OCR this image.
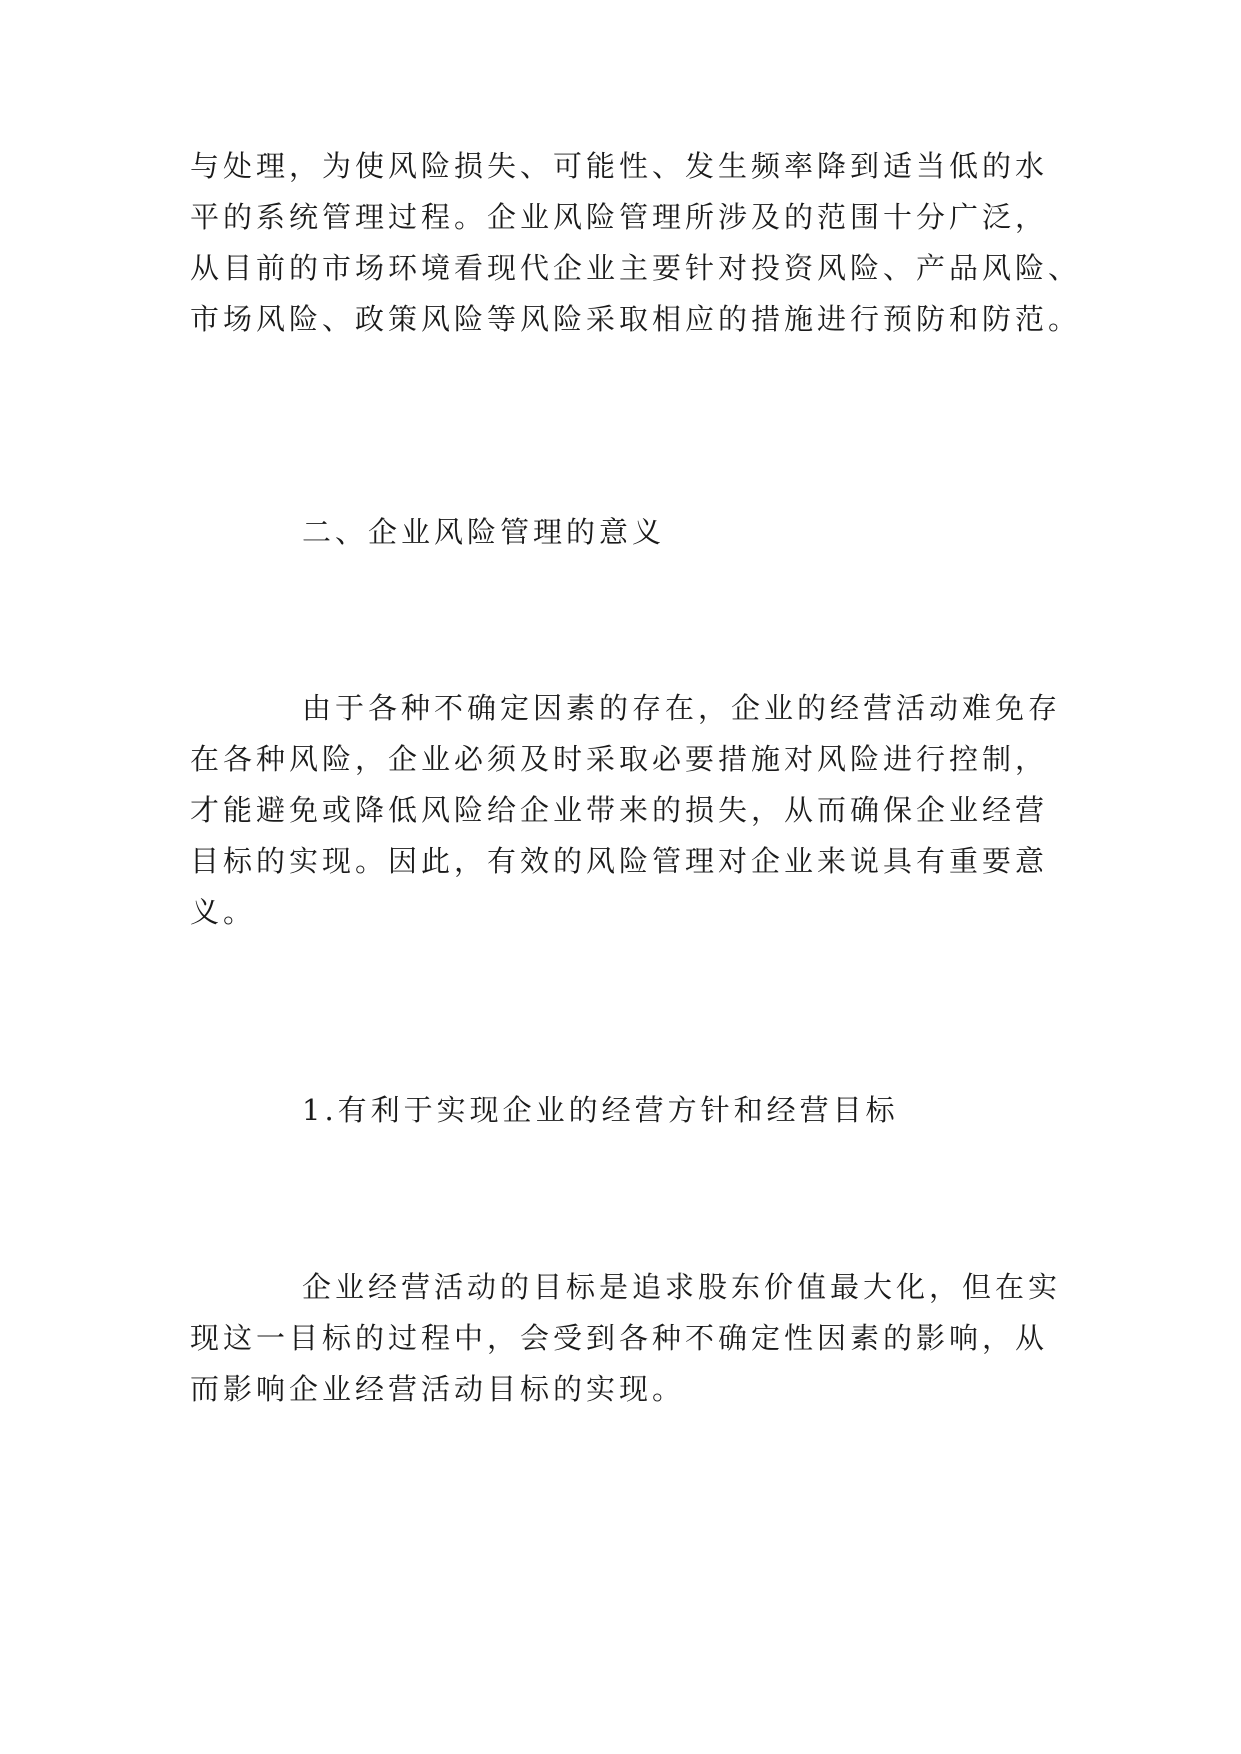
与处理，为使风险损失、可能性、发生频率降到适当低的水
平的系统管理过程。企业风险管理所涉及的范围十分广泛，
从目前的市场环境看现代企业主要针对投资风险、产品风险、
市场风险、政策风险等风险采取相应的措施进行预防和防范。
二、企业风险管理的意义
由于各种不确定因素的存在，企业的经营活动难免存
在各种风险，企业必须及时采取必要措施对风险进行控制，
才能避免或降低风险给企业带来的损失，从而确保企业经营
目标的实现。因此，有效的风险管理对企业来说具有重要意
义。
1.有利于实现企业的经营方针和经营目标
企业经营活动的目标是追求股东价值最大化，但在实
现这一目标的过程中，会受到各种不确定性因素的影响，从
而影响企业经营活动目标的实现。
